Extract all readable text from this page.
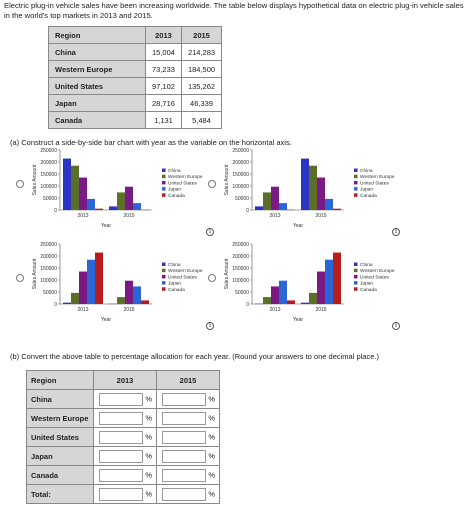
Electric plug-in vehicle sales have been increasing worldwide. The table below displays hypothetical data on electric plug-in vehicle sales in the world's top markets in 2013 and 2015.
Region	2013	2015
China	15,004	214,283
Western Europe	73,233	184,500
United States	97,102	135,262
Japan	28,716	46,339
Canada	1,131	5,484
(a) Construct a side-by-side bar chart with year as the variable on the horizontal axis.
0
50000
100000
150000
200000
250000
Sales Amount
2013	2015
Year
China
Western Europe
United States
Japan
Canada
i
0
50000
100000
150000
200000
250000
Sales Amount
2013	2015
Year
China
Western Europe
United States
Japan
Canada
i
0
50000
100000
150000
200000
250000
Sales Amount
2013	2015
Year
China
Western Europe
United States
Japan
Canada
i
0
50000
100000
150000
200000
250000
Sales Amount
2013	2015
Year
China
Western Europe
United States
Japan
Canada
i
(b) Convert the above table to percentage allocation for each year. (Round your answers to one decimal place.)
Region	2013	2015
China	%	%
Western Europe	%	%
United States	%	%
Japan	%	%
Canada	%	%
Total:	%	%
